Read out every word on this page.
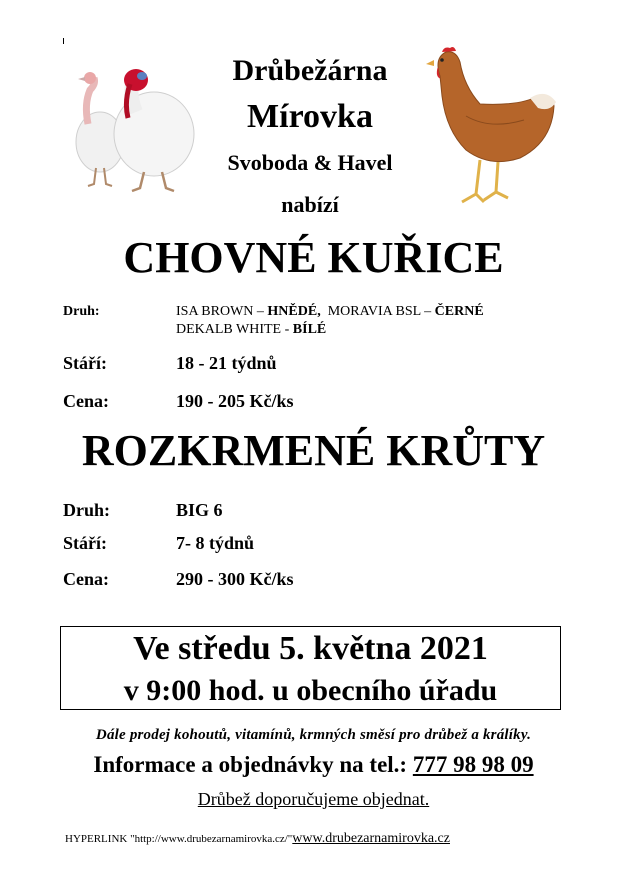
Drůbežárna
Mírovka
Svoboda & Havel
nabízí
CHOVNÉ KUŘICE
Druh:	ISA BROWN – HNĚDÉ,  MORAVIA BSL – ČERNÉ
DEKALB WHITE - BÍLÉ
Stáří:	18 - 21 týdnů
Cena:	190 - 205 Kč/ks
ROZKRMENÉ KRŮTY
Druh:	BIG 6
Stáří:	7- 8 týdnů
Cena:	290 - 300 Kč/ks
Ve středu 5. května 2021
v 9:00 hod. u obecního úřadu
Dále prodej kohoutů, vitamínů, krmných směsí pro drůbež a králíky.
Informace a objednávky na tel.: 777 98 98 09
Drůbež doporučujeme objednat.
HYPERLINK "http://www.drubezarnamirovka.cz/"www.drubezarnamirovka.cz
